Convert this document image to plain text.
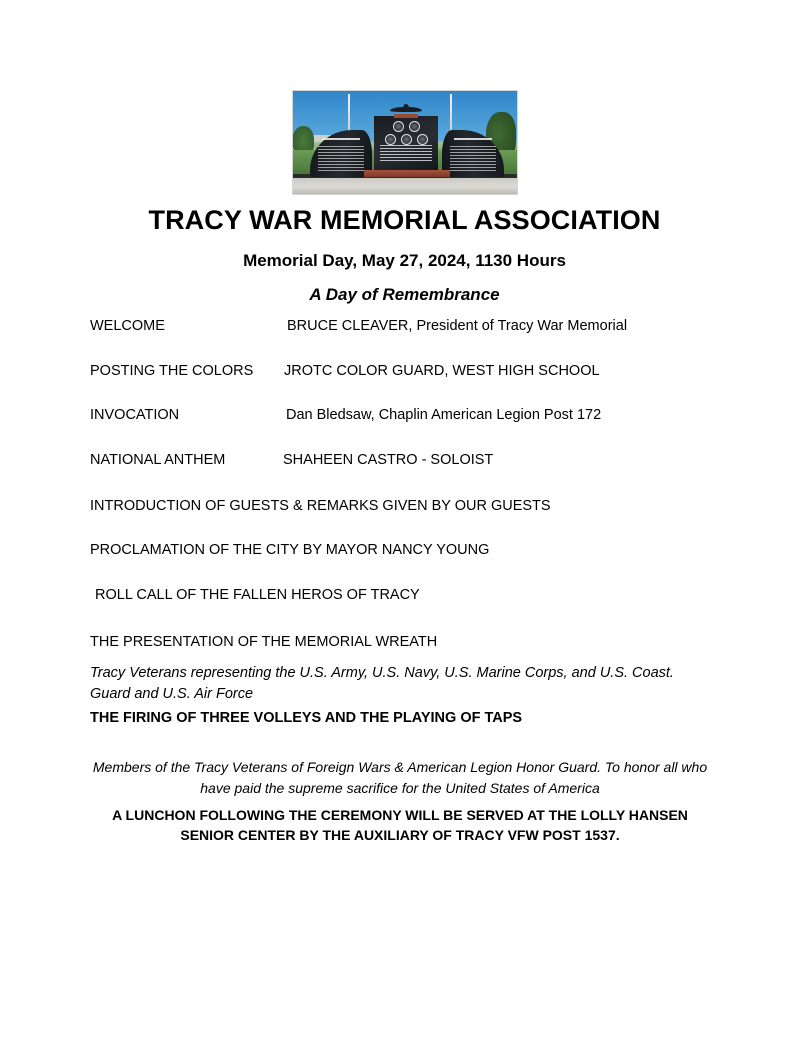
TRACY WAR MEMORIAL ASSOCIATION
Memorial Day, May 27, 2024, 1130 Hours
A Day of Remembrance
WELCOME	BRUCE CLEAVER, President of Tracy War Memorial
POSTING THE COLORS JROTC COLOR GUARD, WEST HIGH SCHOOL
INVOCATION	Dan Bledsaw, Chaplin American Legion Post 172
NATIONAL ANTHEM	SHAHEEN CASTRO - SOLOIST
INTRODUCTION OF GUESTS & REMARKS GIVEN BY OUR GUESTS
PROCLAMATION OF THE CITY BY MAYOR NANCY YOUNG
ROLL CALL OF THE FALLEN HEROS OF TRACY
THE PRESENTATION OF THE MEMORIAL WREATH
Tracy Veterans representing the U.S. Army, U.S. Navy, U.S. Marine Corps, and U.S. Coast. Guard and U.S. Air Force
THE FIRING OF THREE VOLLEYS AND THE PLAYING OF TAPS
Members of the Tracy Veterans of Foreign Wars & American Legion Honor Guard. To honor all who have paid the supreme sacrifice for the United States of America
A LUNCHON FOLLOWING THE CEREMONY WILL BE SERVED AT THE LOLLY HANSEN SENIOR CENTER BY THE AUXILIARY OF TRACY VFW POST 1537.
